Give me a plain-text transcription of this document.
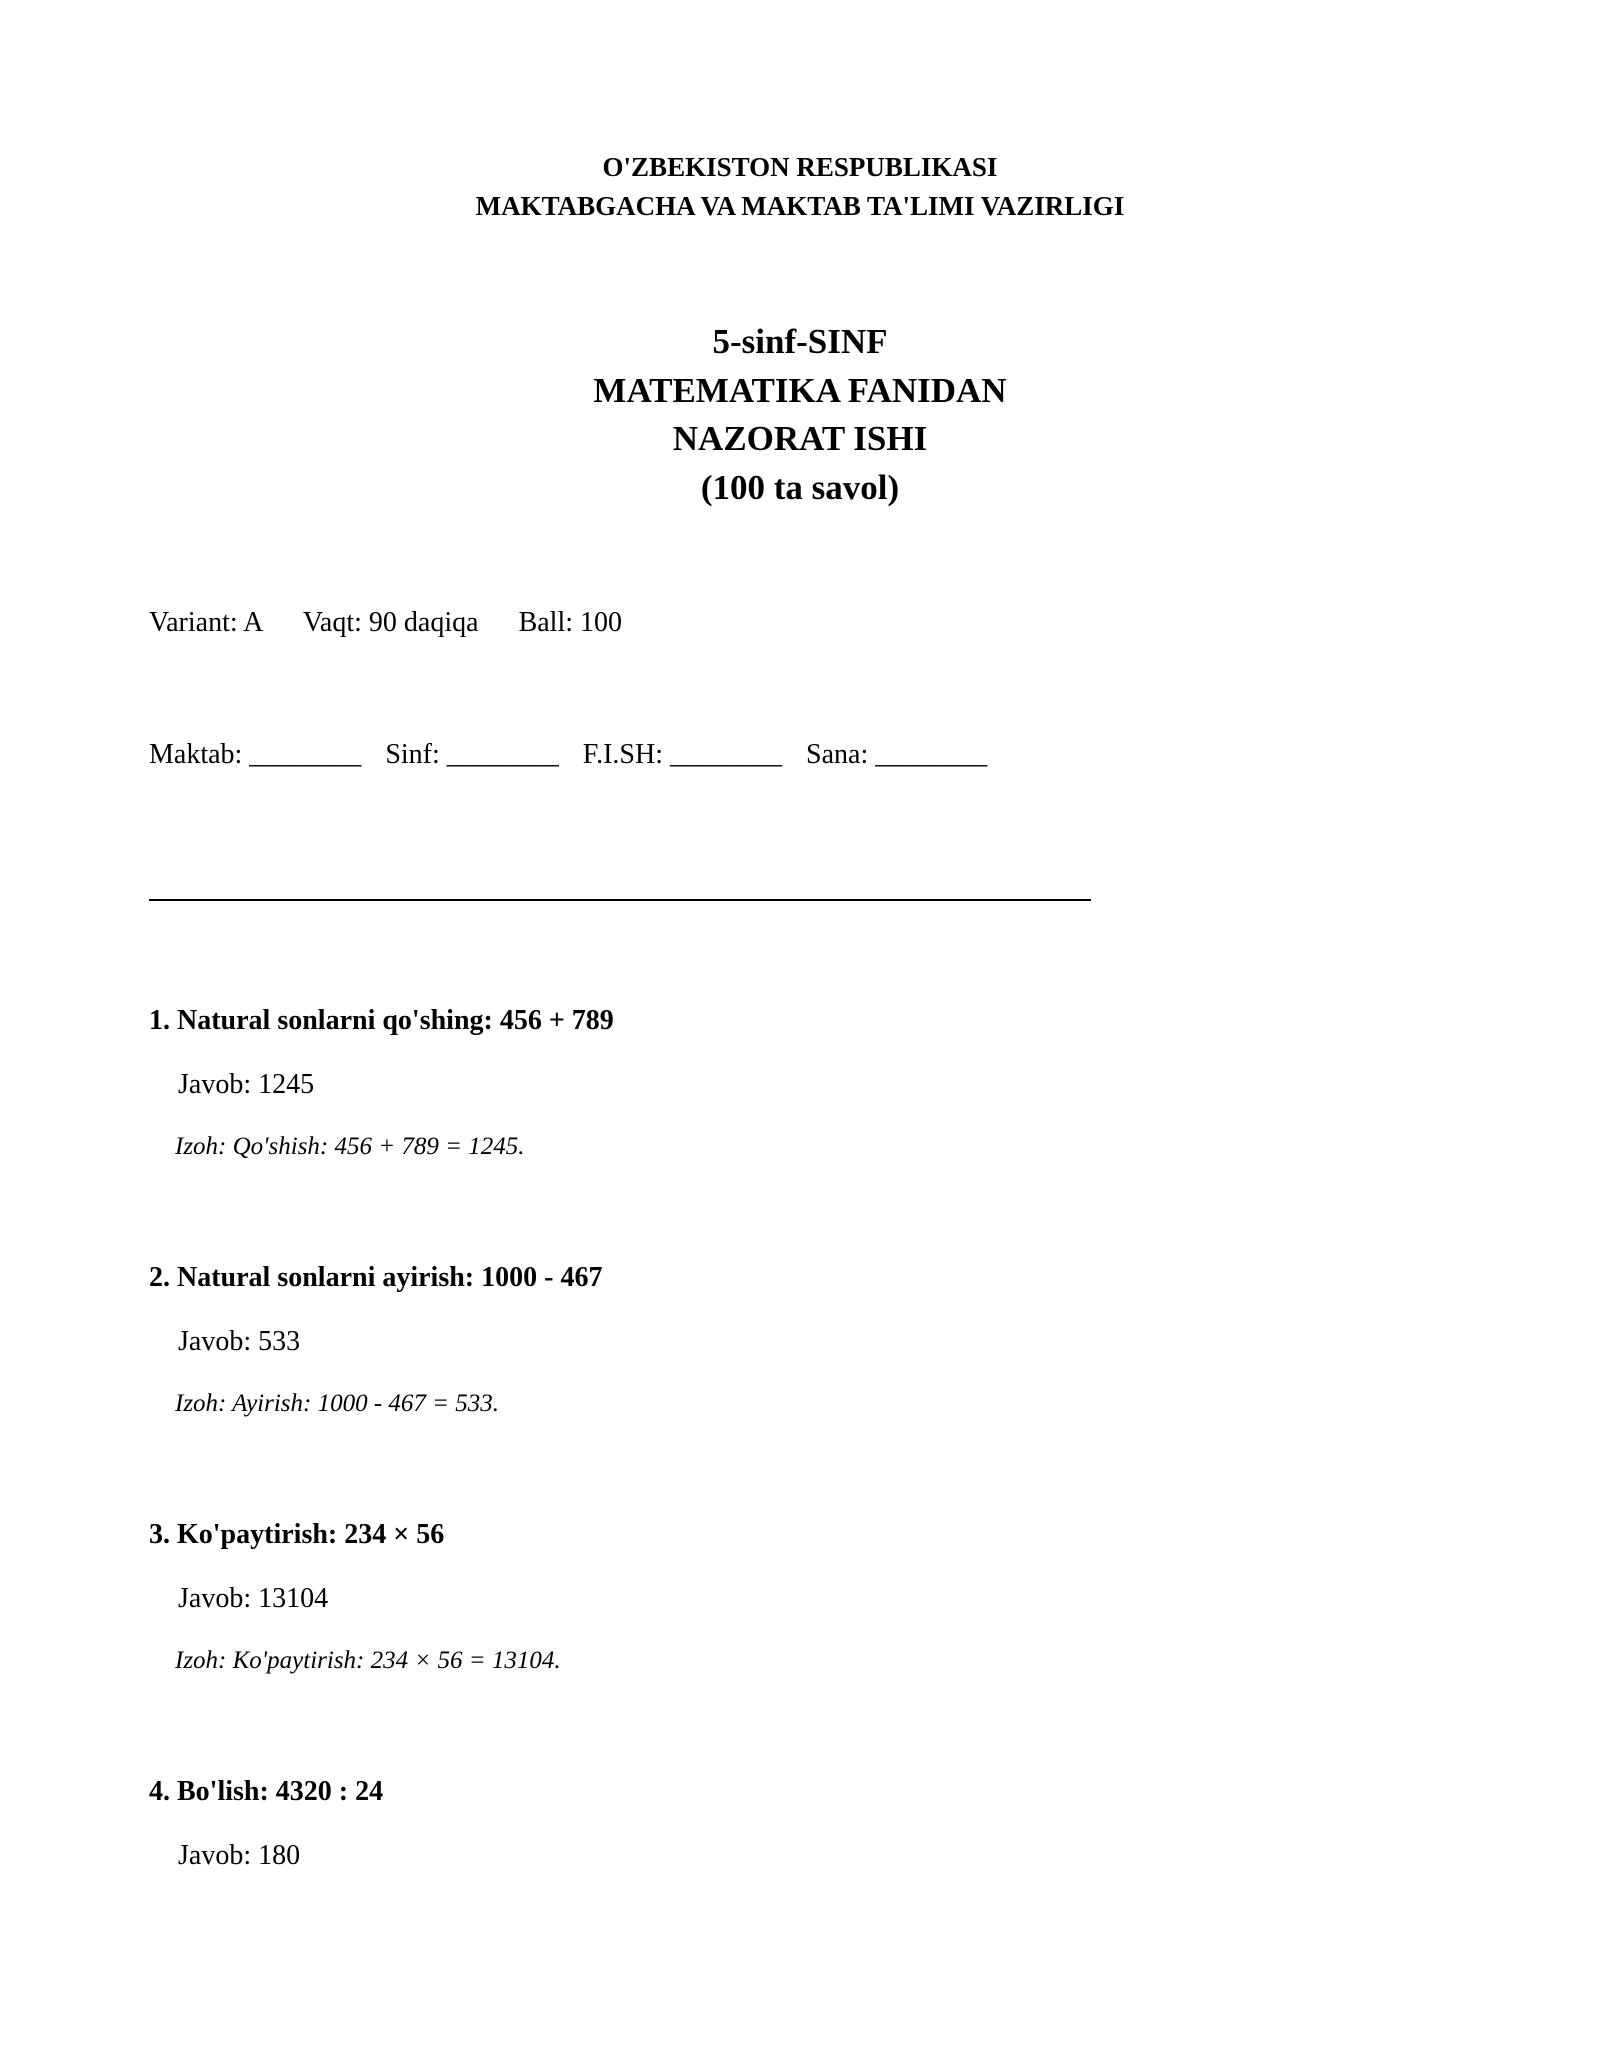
O'ZBEKISTON RESPUBLIKASI
MAKTABGACHA VA MAKTAB TA'LIMI VAZIRLIGI
5-sinf-SINF
MATEMATIKA FANIDAN
NAZORAT ISHI
(100 ta savol)
Variant: A Vaqt: 90 daqiqa Ball: 100
Maktab: ________ Sinf: ________ F.I.SH: ________ Sana: ________
1. Natural sonlarni qo'shing: 456 + 789
Javob: 1245
Izoh: Qo'shish: 456 + 789 = 1245.
2. Natural sonlarni ayirish: 1000 - 467
Javob: 533
Izoh: Ayirish: 1000 - 467 = 533.
3. Ko'paytirish: 234 × 56
Javob: 13104
Izoh: Ko'paytirish: 234 × 56 = 13104.
4. Bo'lish: 4320 : 24
Javob: 180
